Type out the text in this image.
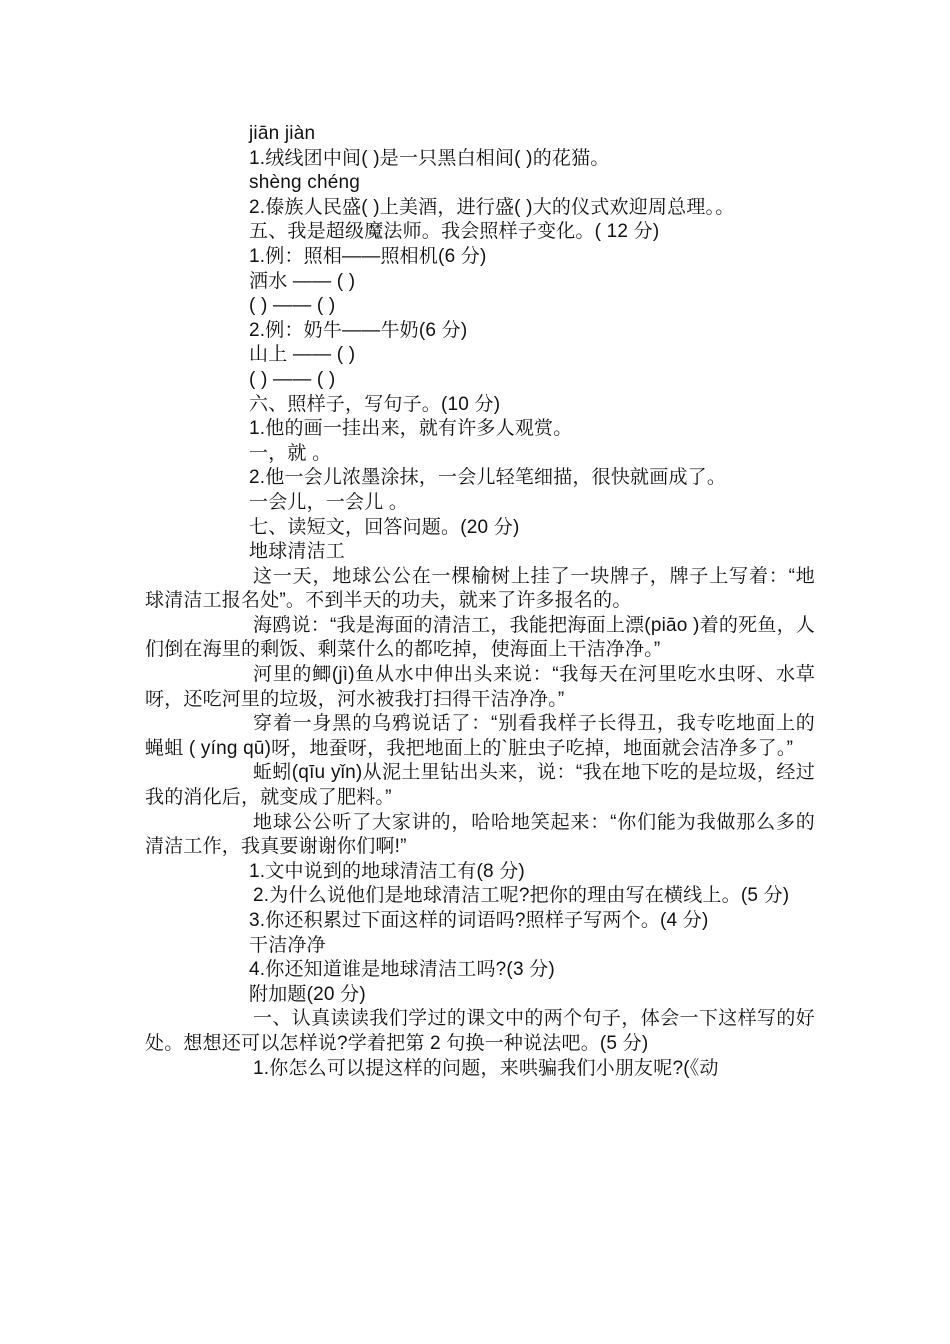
jiān jiàn
1.绒线团中间( )是一只黑白相间( )的花猫。
shèng chéng
2.傣族人民盛( )上美酒，进行盛( )大的仪式欢迎周总理。。
五、我是超级魔法师。我会照样子变化。( 12 分)
1.例：照相——照相机(6 分)
洒水 —— ( )
( ) —— ( )
2.例：奶牛——牛奶(6 分)
山上 —— ( )
( ) —— ( )
六、照样子，写句子。(10 分)
1.他的画一挂出来，就有许多人观赏。
一，就 。
2.他一会儿浓墨涂抹，一会儿轻笔细描，很快就画成了。
一会儿，一会儿 。
七、读短文，回答问题。(20 分)
地球清洁工
这一天，地球公公在一棵榆树上挂了一块牌子，牌子上写着：“地球清洁工报名处”。不到半天的功夫，就来了许多报名的。
海鸥说：“我是海面的清洁工，我能把海面上漂(piāo )着的死鱼，人们倒在海里的剩饭、剩菜什么的都吃掉，使海面上干洁净净。”
河里的鲫(jì)鱼从水中伸出头来说：“我每天在河里吃水虫呀、水草呀，还吃河里的垃圾，河水被我打扫得干洁净净。”
穿着一身黑的乌鸦说话了：“别看我样子长得丑，我专吃地面上的蝇蛆 ( yíng qū)呀，地蚕呀，我把地面上的`脏虫子吃掉，地面就会洁净多了。”
蚯蚓(qīu yǐn)从泥土里钻出头来，说：“我在地下吃的是垃圾，经过我的消化后，就变成了肥料。”
地球公公听了大家讲的，哈哈地笑起来：“你们能为我做那么多的清洁工作，我真要谢谢你们啊!”
1.文中说到的地球清洁工有(8 分)
2.为什么说他们是地球清洁工呢?把你的理由写在横线上。(5 分)
3.你还积累过下面这样的词语吗?照样子写两个。(4 分)
干洁净净
4.你还知道谁是地球清洁工吗?(3 分)
附加题(20 分)
一、认真读读我们学过的课文中的两个句子，体会一下这样写的好处。想想还可以怎样说?学着把第 2 句换一种说法吧。(5 分)
1.你怎么可以提这样的问题，来哄骗我们小朋友呢?(《动
